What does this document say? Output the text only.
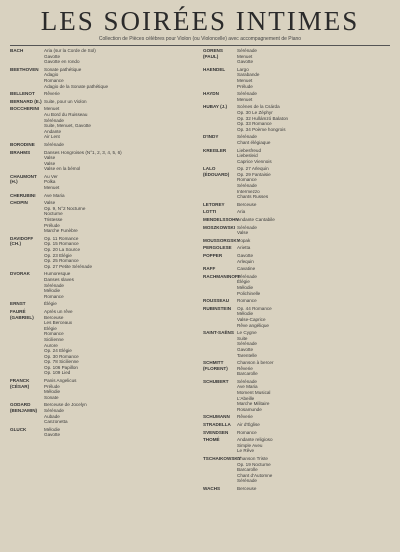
LES SOIRÉES INTIMES
Collection de Pièces célèbres pour Violon (ou Violoncelle) avec accompagnement de Piano
BACH	Aria (sur la Corde de Sol)
Gavotte
Gavotte en rondo
BEETHOVEN	Sonate pathétique
Adagio
Romance
Adagio de la Sonate pathétique
BELLENOT	Rêverie
BERNARD (E.) Suite, pour un Violon
BOCCHERINI	Menuet
Au Bord du Ruisseau
Sérénade
Suite, Menuet, Gavotte
Andante
Air Lent
BORODINE	Sérénade
BRAHMS	Danses Hongroises (N°1, 2, 3, 4, 5, 6)
Valse
Valse
Valse en la bémol
CHAUMONT (H.)
Au Ver
Polka
Menuet
CHERUBINI	Ave Maria
CHOPIN	Valse
Op. 9, N°2 Nocturne
Nocturne
Tristesse
Prélude
Marche Funèbre
DAVIDOFF (CH.)
Op. 11 Romance
Op. 15 Romance
Op. 20 La Source
Op. 23 Elégie
Op. 25 Romance
Op. 27 Petite Sérénade
DVORAK	Humoresque
Danses slaves
Sérénade
Mélodie
Romance
ERNST	Élégie
FAURÉ (GABRIEL)
Après un rêve
Berceuse
Les Berceaux
Elégie
Romance
Sicilienne
Aurore
Op. 24 Elégie
Op. 30 Romance
Op. 78 Sicilienne
Op. 106 Papillon
Op. 109 Lied
FRANCK (CÉSAR)
Panis Angelicus
Prélude
Mélodie
Sonate
GODARD (BENJAMIN)
Berceuse de Jocelyn
Sérénade
Aubade
Canzonetta
GLUCK	Mélodie
Gavotte
GORENS (PAUL)
Sérénade
Menuet
Gavotte
HAENDEL	Largo
Sarabande
Menuet
Prélude
HAYDN	Sérénade
Menuet
HUBAY (J.)	Scènes de la Csárda
Op. 30 Le Zéphyr
Op. 32 Hullámzó Balaton
Op. 33 Romance
Op. 34 Poème hongrois
D'INDY	Sérénade
Chant élégiaque
KREISLER	Liebesfreud
Liebesleid
Caprice Viennois
LALO (ÉDOUARD)
Op. 27 Arlequin
Op. 29 Fantaisie
Romance
Sérénade
Intermezzo
Chants Russes
LETOREY	Berceuse
LOTTI	Aria
MENDELSSOHN
Andante Cantabile
MOSZKOWSKI Sérénade
Valse
MOUSSORGSKY
Hopak
PERGOLESE	Arietta
POPPER	Gavotte
Arlequin
RAFF	Cavatine
RACHMANINOFF
Sérénade
Élégie
Mélodie
Polichinelle
ROUSSEAU	Romance
RUBINSTEIN	Op. 44 Romance
Mélodie
Valse-Caprice
Rêve angélique
SAINT-SAËNS Le Cygne
Suite
Sérénade
Gavotte
Tarentelle
SCHMITT (FLORENT)
Chanson à bercer
Rêverie
Barcarolle
SCHUBERT	Sérénade
Ave Maria
Moment Musical
L'Abeille
Marche Militaire
Rosamunde
SCHUMANN	Rêverie
STRADELLA	Air d'Église
SVENDSEN	Romance
THOMÉ	Andante religioso
Simple Aveu
Le Rêve
TSCHAIKOWSKY
Chanson Triste
Op. 19 Nocturne
Barcarolle
Chant d'Automne
Sérénade
WACHS	Berceuse
